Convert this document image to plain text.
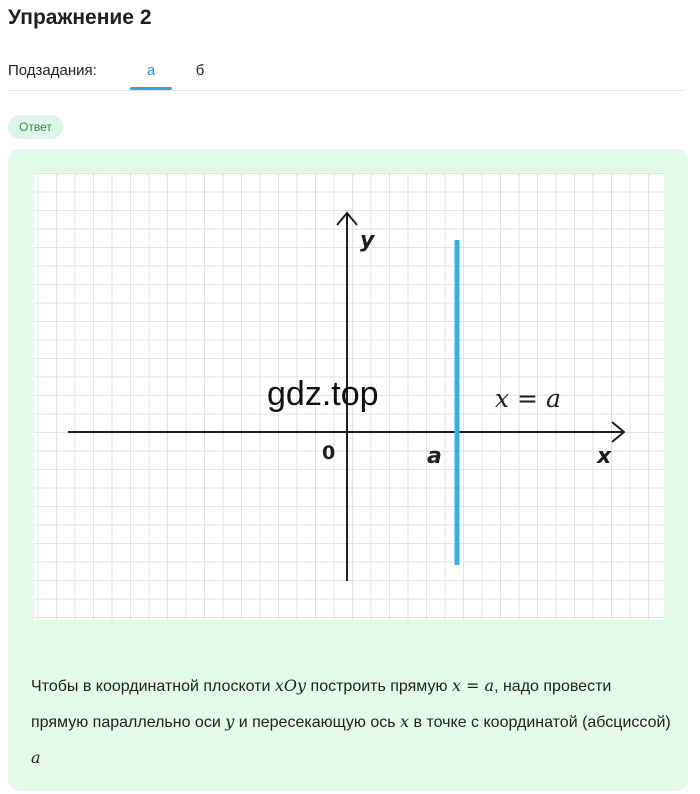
Упражнение 2
Подзадания:	а	б
Ответ
y
x
0	a
x = a
gdz.top
Чтобы в координатной плоскоти xOy построить прямую x = a, надо провести прямую параллельно оси y и пересекающую ось x в точке с координатой (абсциссой) a
